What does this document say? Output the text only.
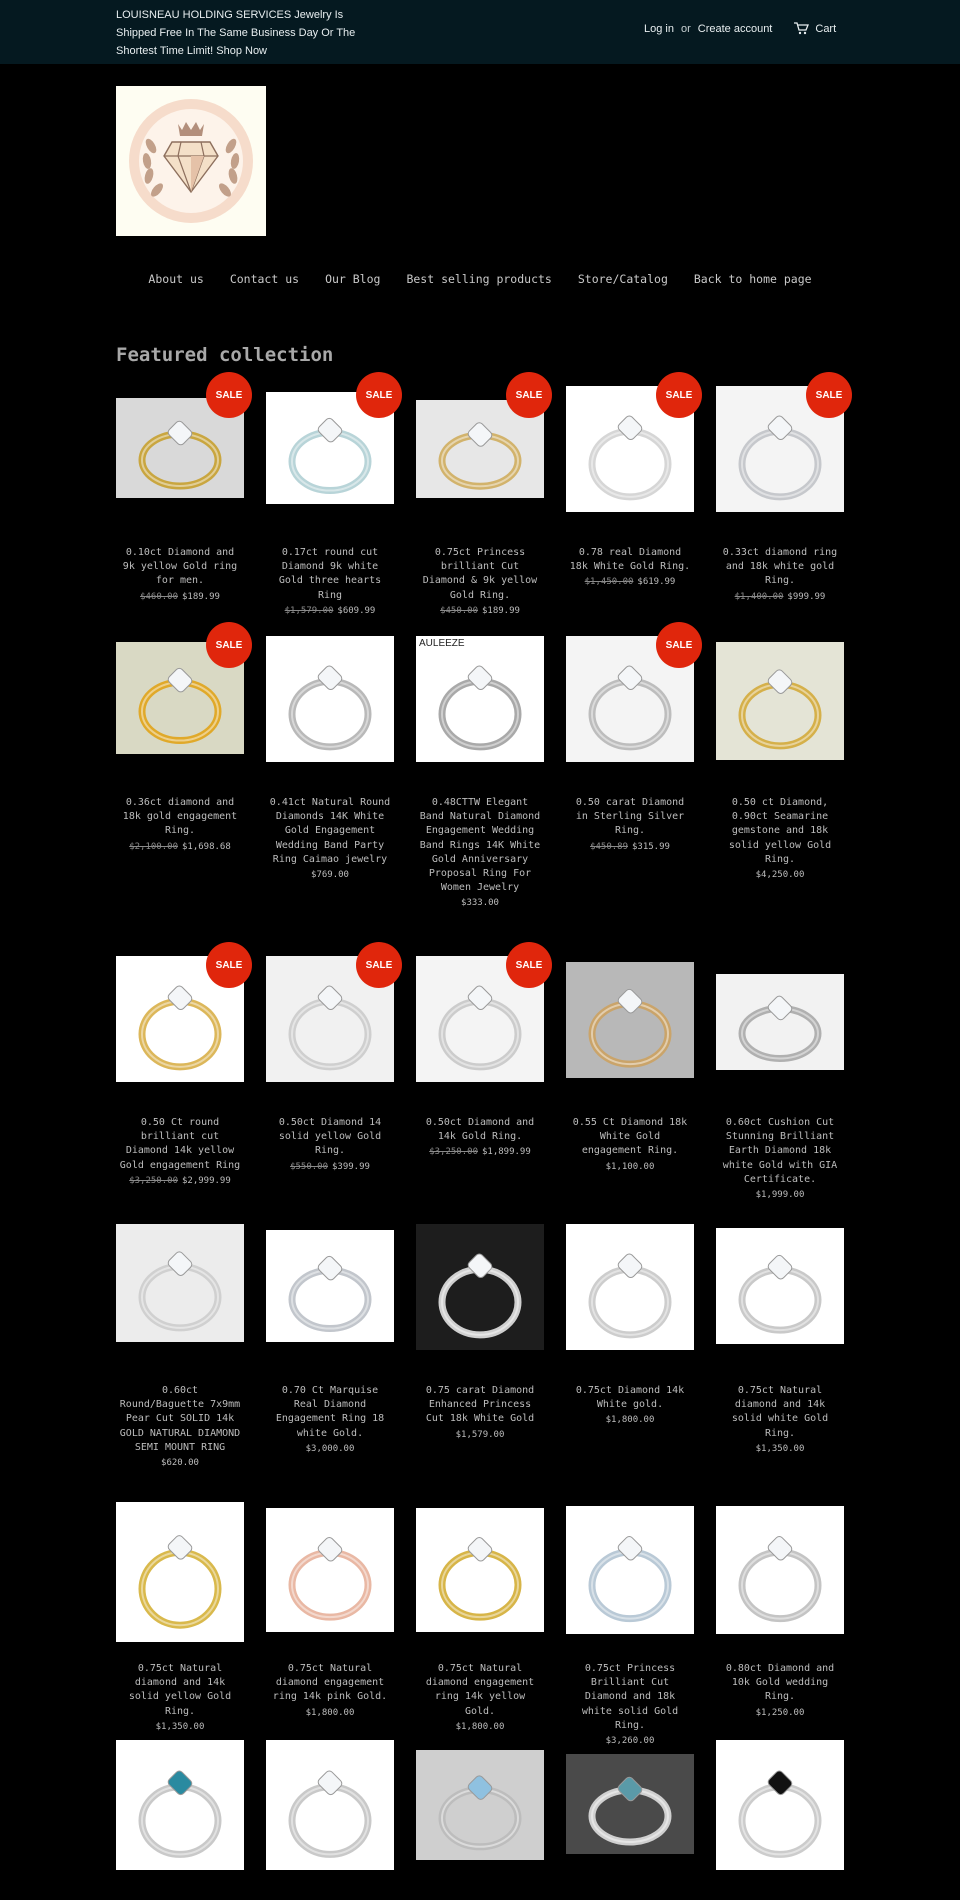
LOUISNEAU HOLDING SERVICES Jewelry Is Shipped Free In The Same Business Day Or The Shortest Time Limit! Shop Now
Log in or Create account	Cart
About us Contact us Our Blog Best selling products Store/Catalog Back to home page
Featured collection
SALE
0.10ct Diamond and 9k yellow Gold ring for men.
$460.00 $189.99
SALE
0.17ct round cut Diamond 9k white Gold three hearts Ring
$1,579.00 $609.99
SALE
0.75ct Princess brilliant Cut Diamond & 9k yellow Gold Ring.
$450.00 $189.99
SALE
0.78 real Diamond 18k White Gold Ring.
$1,450.00 $619.99
SALE
0.33ct diamond ring and 18k white gold Ring.
$1,400.00 $999.99
SALE
0.36ct diamond and 18k gold engagement Ring.
$2,100.00 $1,698.68
0.41ct Natural Round Diamonds 14K White Gold Engagement Wedding Band Party Ring Caimao jewelry
$769.00
AULEEZE
0.48CTTW Elegant Band Natural Diamond Engagement Wedding Band Rings 14K White Gold Anniversary Proposal Ring For Women Jewelry
$333.00
SALE
0.50 carat Diamond in Sterling Silver Ring.
$450.89 $315.99
0.50 ct Diamond, 0.90ct Seamarine gemstone and 18k solid yellow Gold Ring.
$4,250.00
SALE
0.50 Ct round brilliant cut Diamond 14k yellow Gold engagement Ring
$3,250.00 $2,999.99
SALE
0.50ct Diamond 14 solid yellow Gold Ring.
$550.00 $399.99
SALE
0.50ct Diamond and 14k Gold Ring.
$3,250.00 $1,899.99
0.55 Ct Diamond 18k White Gold engagement Ring.
$1,100.00
0.60ct Cushion Cut Stunning Brilliant Earth Diamond 18k white Gold with GIA Certificate.
$1,999.00
0.60ct Round/Baguette 7x9mm Pear Cut SOLID 14k GOLD NATURAL DIAMOND SEMI MOUNT RING
$620.00
0.70 Ct Marquise Real Diamond Engagement Ring 18 white Gold.
$3,000.00
0.75 carat Diamond Enhanced Princess Cut 18k White Gold
$1,579.00
0.75ct Diamond 14k White gold.
$1,800.00
0.75ct Natural diamond and 14k solid white Gold Ring.
$1,350.00
0.75ct Natural diamond and 14k solid yellow Gold Ring.
$1,350.00
0.75ct Natural diamond engagement ring 14k pink Gold.
$1,800.00
0.75ct Natural diamond engagement ring 14k yellow Gold.
$1,800.00
0.75ct Princess Brilliant Cut Diamond and 18k white solid Gold Ring.
$3,260.00
0.80ct Diamond and 10k Gold wedding Ring.
$1,250.00
